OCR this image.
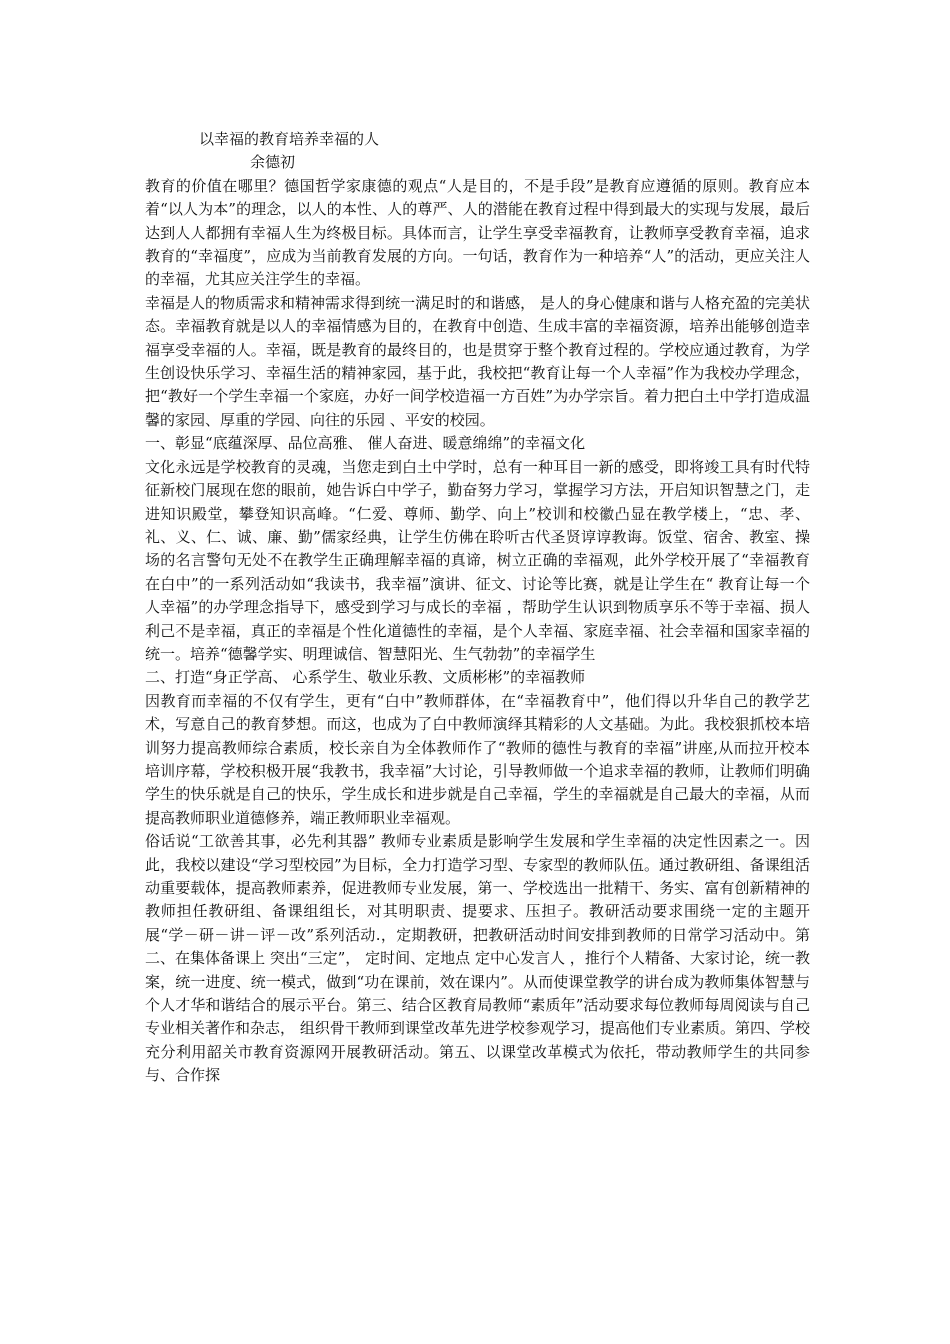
以幸福的教育培养幸福的人
余德初

教育的价值在哪里？德国哲学家康德的观点“人是目的，不是手段”是教育应遵循的原则。教育应本着“以人为本”的理念，以人的本性、人的尊严、人的潜能在教育过程中得到最大的实现与发展，最后达到人人都拥有幸福人生为终极目标。具体而言，让学生享受幸福教育，让教师享受教育幸福，追求教育的“幸福度”，应成为当前教育发展的方向。一句话，教育作为一种培养“人”的活动，更应关注人的幸福，尤其应关注学生的幸福。

幸福是人的物质需求和精神需求得到统一满足时的和谐感， 是人的身心健康和谐与人格充盈的完美状态。幸福教育就是以人的幸福情感为目的，在教育中创造、生成丰富的幸福资源，培养出能够创造幸福享受幸福的人。幸福，既是教育的最终目的，也是贯穿于整个教育过程的。学校应通过教育，为学生创设快乐学习、幸福生活的精神家园，基于此，我校把“教育让每一个人幸福”作为我校办学理念，把“教好一个学生幸福一个家庭，办好一间学校造福一方百姓”为办学宗旨。着力把白土中学打造成温馨的家园、厚重的学园、向往的乐园 、平安的校园。

一、彰显“底蕴深厚、品位高雅、 催人奋进、暖意绵绵”的幸福文化

文化永远是学校教育的灵魂，当您走到白土中学时，总有一种耳目一新的感受，即将竣工具有时代特征新校门展现在您的眼前，她告诉白中学子，勤奋努力学习，掌握学习方法，开启知识智慧之门，走进知识殿堂，攀登知识高峰。“仁爱、尊师、勤学、向上”校训和校徽凸显在教学楼上，“忠、孝、礼、义、仁、诚、廉、勤”儒家经典，让学生仿佛在聆听古代圣贤谆谆教诲。饭堂、宿舍、教室、操场的名言警句无处不在教学生正确理解幸福的真谛，树立正确的幸福观，此外学校开展了“幸福教育在白中”的一系列活动如“我读书，我幸福”演讲、征文、讨论等比赛，就是让学生在“ 教育让每一个人幸福”的办学理念指导下，感受到学习与成长的幸福 ，帮助学生认识到物质享乐不等于幸福、损人利己不是幸福，真正的幸福是个性化道德性的幸福，是个人幸福、家庭幸福、社会幸福和国家幸福的统一。培养“德馨学实、明理诚信、智慧阳光、生气勃勃”的幸福学生

二、打造“身正学高、 心系学生、敬业乐教、文质彬彬”的幸福教师

因教育而幸福的不仅有学生，更有“白中”教师群体，在“幸福教育中”，他们得以升华自己的教学艺术，写意自己的教育梦想。而这，也成为了白中教师演绎其精彩的人文基础。为此。我校狠抓校本培训努力提高教师综合素质，校长亲自为全体教师作了“教师的德性与教育的幸福”讲座,从而拉开校本培训序幕，学校积极开展“我教书，我幸福”大讨论，引导教师做一个追求幸福的教师，让教师们明确学生的快乐就是自己的快乐，学生成长和进步就是自己幸福，学生的幸福就是自己最大的幸福，从而提高教师职业道德修养，端正教师职业幸福观。

俗话说“工欲善其事，必先利其器” 教师专业素质是影响学生发展和学生幸福的决定性因素之一。因此，我校以建设“学习型校园”为目标，全力打造学习型、专家型的教师队伍。通过教研组、备课组活动重要载体，提高教师素养，促进教师专业发展，第一、学校选出一批精干、务实、富有创新精神的教师担任教研组、备课组组长，对其明职责、提要求、压担子。教研活动要求围绕一定的主题开展“学－研－讲－评－改”系列活动.，定期教研，把教研活动时间安排到教师的日常学习活动中。第二、在集体备课上 突出“三定”， 定时间、定地点 定中心发言人 ，推行个人精备、大家讨论，统一教案，统一进度、统一模式，做到“功在课前，效在课内”。从而使课堂教学的讲台成为教师集体智慧与个人才华和谐结合的展示平台。第三、结合区教育局教师“素质年”活动要求每位教师每周阅读与自己专业相关著作和杂志， 组织骨干教师到课堂改革先进学校参观学习，提高他们专业素质。第四、学校充分利用韶关市教育资源网开展教研活动。第五、以课堂改革模式为依托，带动教师学生的共同参与、合作探
